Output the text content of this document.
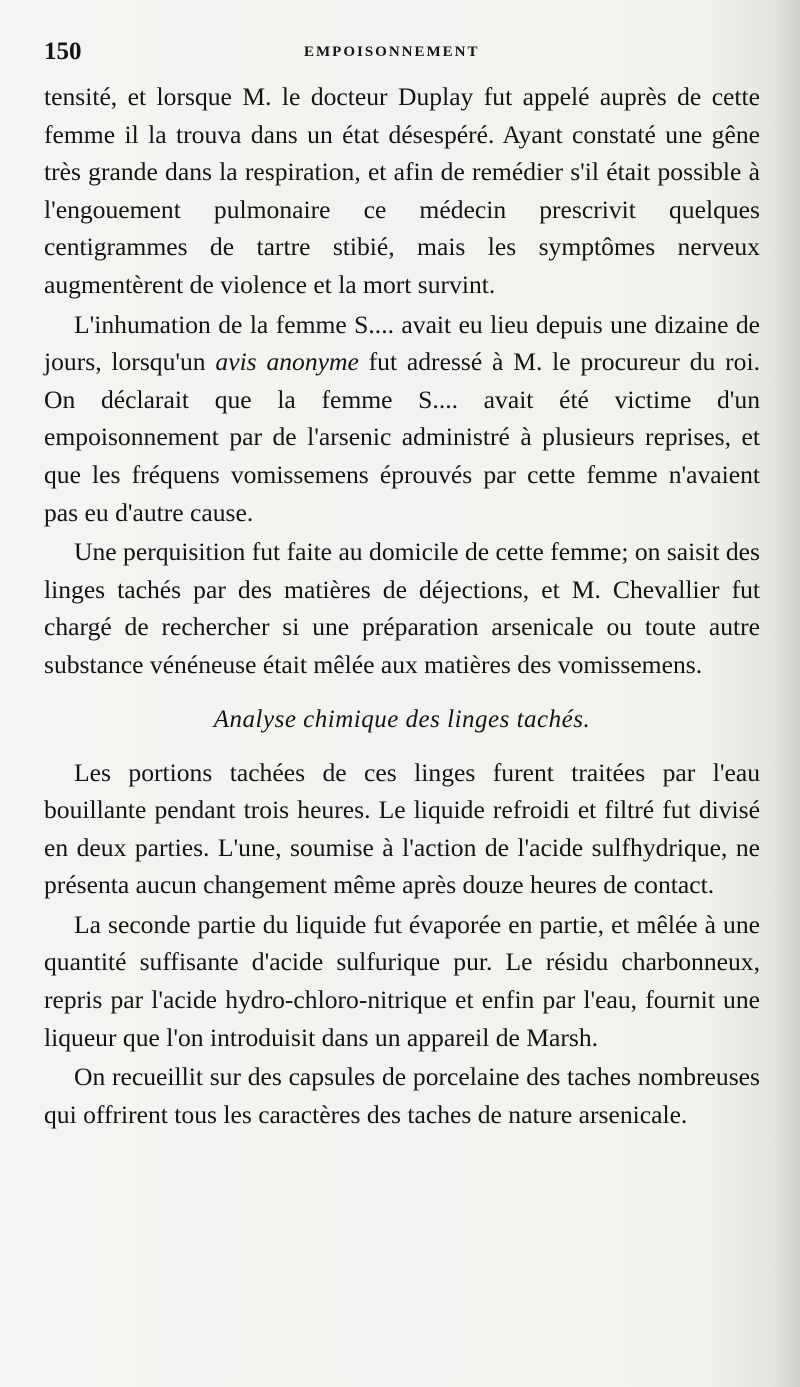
150	EMPOISONNEMENT

tensité, et lorsque M. le docteur Duplay fut appelé auprès de cette femme il la trouva dans un état désespéré. Ayant constaté une gêne très grande dans la respiration, et afin de remédier s'il était possible à l'engouement pulmonaire ce médecin prescrivit quelques centigrammes de tartre stibié, mais les symptômes nerveux augmentèrent de violence et la mort survint.

L'inhumation de la femme S.... avait eu lieu depuis une dizaine de jours, lorsqu'un avis anonyme fut adressé à M. le procureur du roi. On déclarait que la femme S.... avait été victime d'un empoisonnement par de l'arsenic administré à plusieurs reprises, et que les fréquens vomissemens éprouvés par cette femme n'avaient pas eu d'autre cause.

Une perquisition fut faite au domicile de cette femme; on saisit des linges tachés par des matières de déjections, et M. Chevallier fut chargé de rechercher si une préparation arsenicale ou toute autre substance vénéneuse était mêlée aux matières des vomissemens.

Analyse chimique des linges tachés.

Les portions tachées de ces linges furent traitées par l'eau bouillante pendant trois heures. Le liquide refroidi et filtré fut divisé en deux parties. L'une, soumise à l'action de l'acide sulfhydrique, ne présenta aucun changement même après douze heures de contact.

La seconde partie du liquide fut évaporée en partie, et mêlée à une quantité suffisante d'acide sulfurique pur. Le résidu charbonneux, repris par l'acide hydro-chloro-nitrique et enfin par l'eau, fournit une liqueur que l'on introduisit dans un appareil de Marsh.

On recueillit sur des capsules de porcelaine des taches nombreuses qui offrirent tous les caractères des taches de nature arsenicale.
